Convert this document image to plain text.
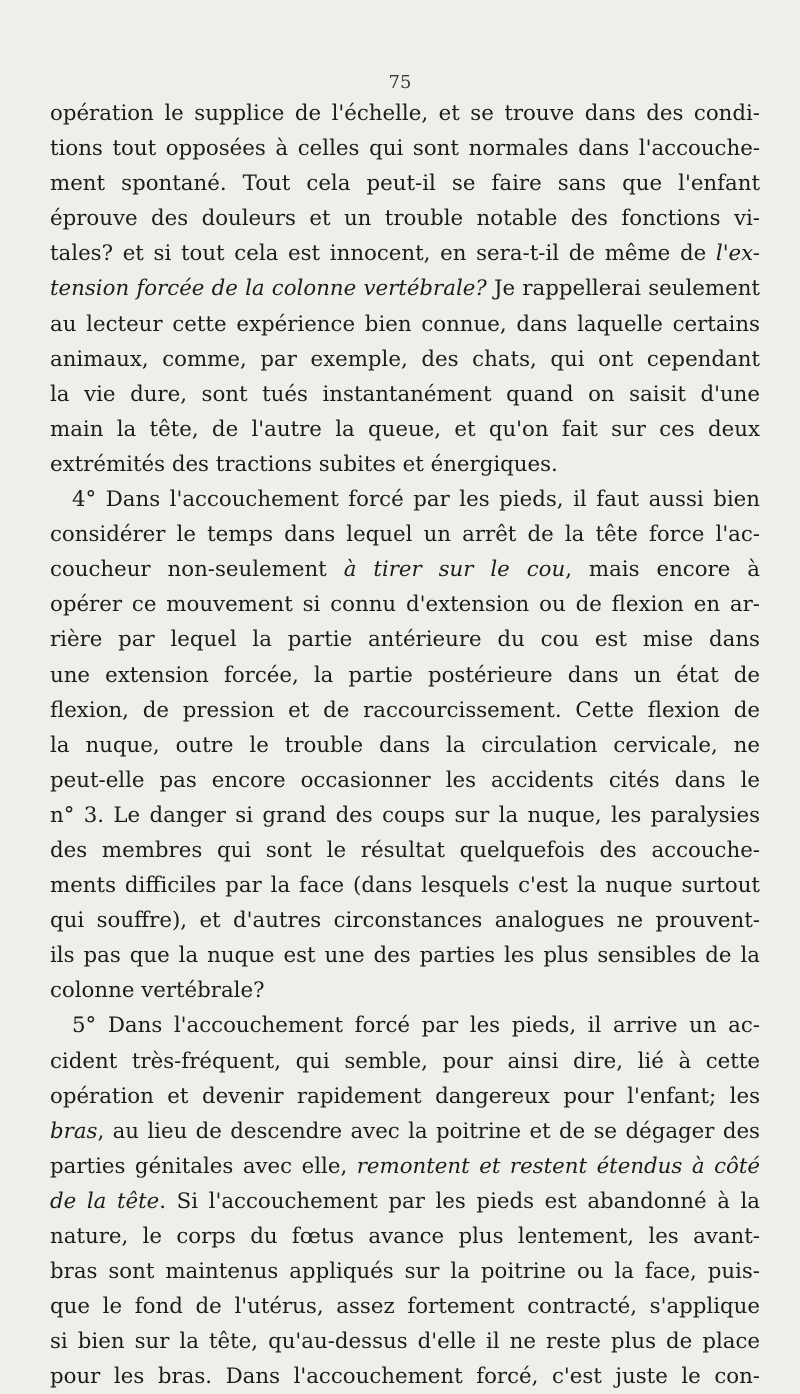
75
opération le supplice de l'échelle, et se trouve dans des condi-
tions tout opposées à celles qui sont normales dans l'accouche-
ment spontané. Tout cela peut-il se faire sans que l'enfant
éprouve des douleurs et un trouble notable des fonctions vi-
tales? et si tout cela est innocent, en sera-t-il de même de l'ex-
tension forcée de la colonne vertébrale? Je rappellerai seulement
au lecteur cette expérience bien connue, dans laquelle certains
animaux, comme, par exemple, des chats, qui ont cependant
la vie dure, sont tués instantanément quand on saisit d'une
main la tête, de l'autre la queue, et qu'on fait sur ces deux
extrémités des tractions subites et énergiques.
4° Dans l'accouchement forcé par les pieds, il faut aussi bien
considérer le temps dans lequel un arrêt de la tête force l'ac-
coucheur non-seulement à tirer sur le cou, mais encore à
opérer ce mouvement si connu d'extension ou de flexion en ar-
rière par lequel la partie antérieure du cou est mise dans
une extension forcée, la partie postérieure dans un état de
flexion, de pression et de raccourcissement. Cette flexion de
la nuque, outre le trouble dans la circulation cervicale, ne
peut-elle pas encore occasionner les accidents cités dans le
n° 3. Le danger si grand des coups sur la nuque, les paralysies
des membres qui sont le résultat quelquefois des accouche-
ments difficiles par la face (dans lesquels c'est la nuque surtout
qui souffre), et d'autres circonstances analogues ne prouvent-
ils pas que la nuque est une des parties les plus sensibles de la
colonne vertébrale?
5° Dans l'accouchement forcé par les pieds, il arrive un ac-
cident très-fréquent, qui semble, pour ainsi dire, lié à cette
opération et devenir rapidement dangereux pour l'enfant; les
bras, au lieu de descendre avec la poitrine et de se dégager des
parties génitales avec elle, remontent et restent étendus à côté
de la tête. Si l'accouchement par les pieds est abandonné à la
nature, le corps du fœtus avance plus lentement, les avant-
bras sont maintenus appliqués sur la poitrine ou la face, puis-
que le fond de l'utérus, assez fortement contracté, s'applique
si bien sur la tête, qu'au-dessus d'elle il ne reste plus de place
pour les bras. Dans l'accouchement forcé, c'est juste le con-
